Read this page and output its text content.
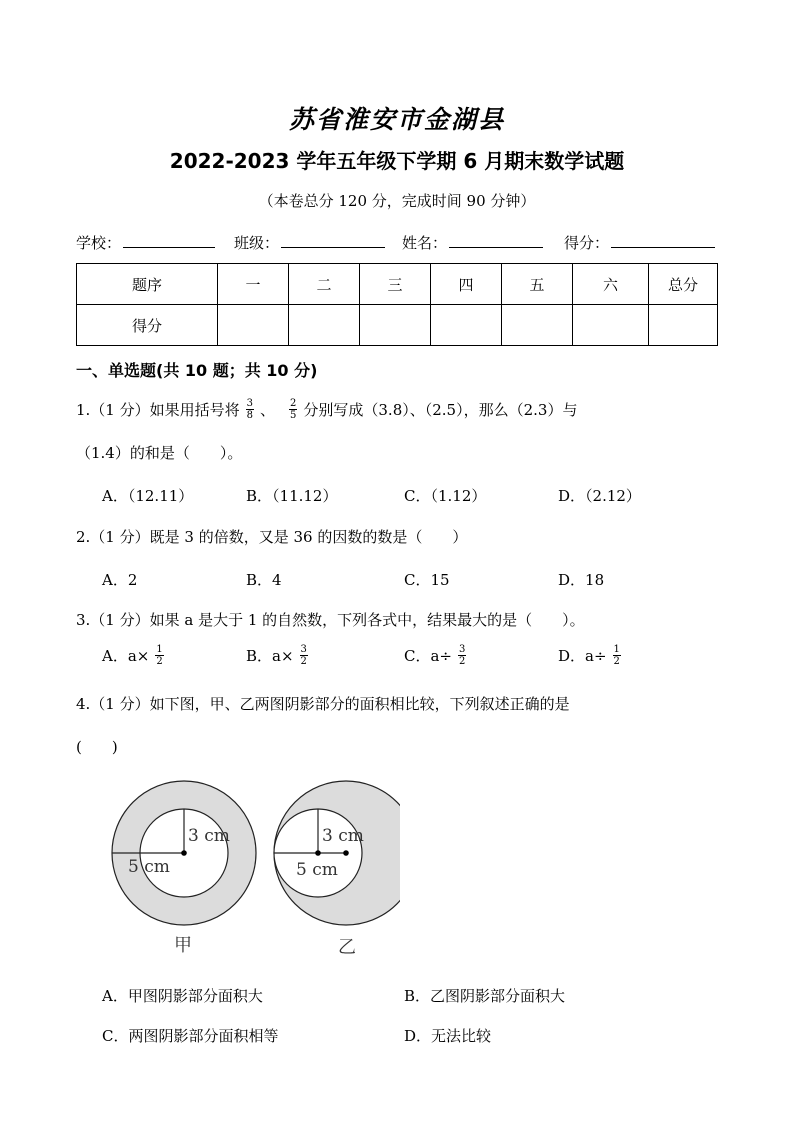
苏省淮安市金湖县
2022-2023 学年五年级下学期 6 月期末数学试题
（本卷总分 120 分，完成时间 90 分钟）
学校：	班级：	姓名：	得分：
题序	一	二	三	四	五	六	总分
得分							
一、单选题(共 10 题；共 10 分)
1.（1 分）如果用括号将 $\frac{3}{8}$ 、 $\frac{2}{5}$ 分别写成（3.8）、（2.5），那么（2.3）与
（1.4）的和是（　　）。
A．（12.11）	B．（11.12）	C．（1.12）	D．（2.12）
2.（1 分）既是 3 的倍数，又是 36 的因数的数是（　　）
A．2	B．4	C．15	D．18
3.（1 分）如果 a 是大于 1 的自然数，下列各式中，结果最大的是（　　）。
A．$a\times \frac{1}{2}$	B．$a\times \frac{3}{2}$	C．$a\div \frac{3}{2}$	D．$a\div \frac{1}{2}$
4.（1 分）如下图，甲、乙两图阴影部分的面积相比较，下列叙述正确的是
(　　)
3 cm
5 cm
甲
3 cm
5 cm
乙
A．甲图阴影部分面积大	B．乙图阴影部分面积大
C．两图阴影部分面积相等	D．无法比较
